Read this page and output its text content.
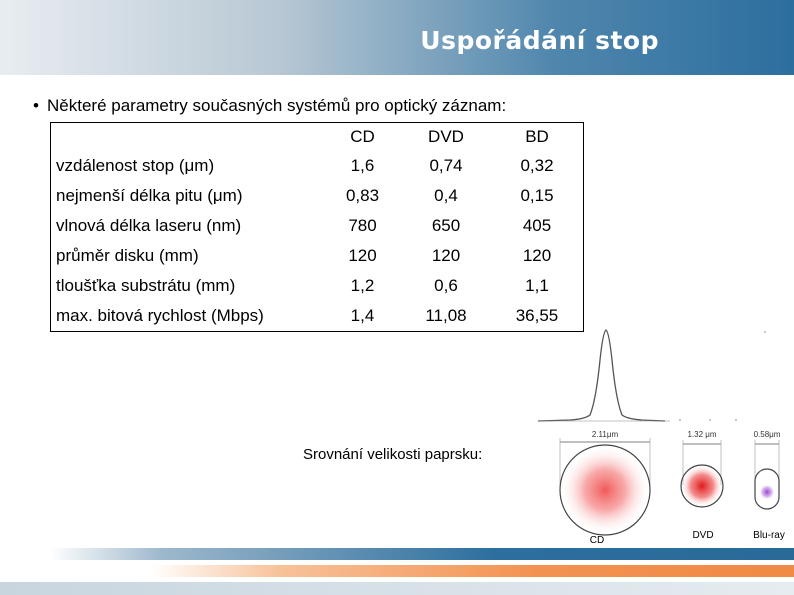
Uspořádání stop
• Některé parametry současných systémů pro optický záznam:
	CD	DVD	BD
vzdálenost stop (μm)	1,6	0,74	0,32
nejmenší délka pitu (μm)	0,83	0,4	0,15
vlnová délka laseru (nm)	780	650	405
průměr disku (mm)	120	120	120
tloušťka substrátu (mm)	1,2	0,6	1,1
max. bitová rychlost (Mbps)	1,4	11,08	36,55
Srovnání velikosti paprsku:
2.11μm
CD
1.32 μm
DVD
0.58μm
Blu-ray
